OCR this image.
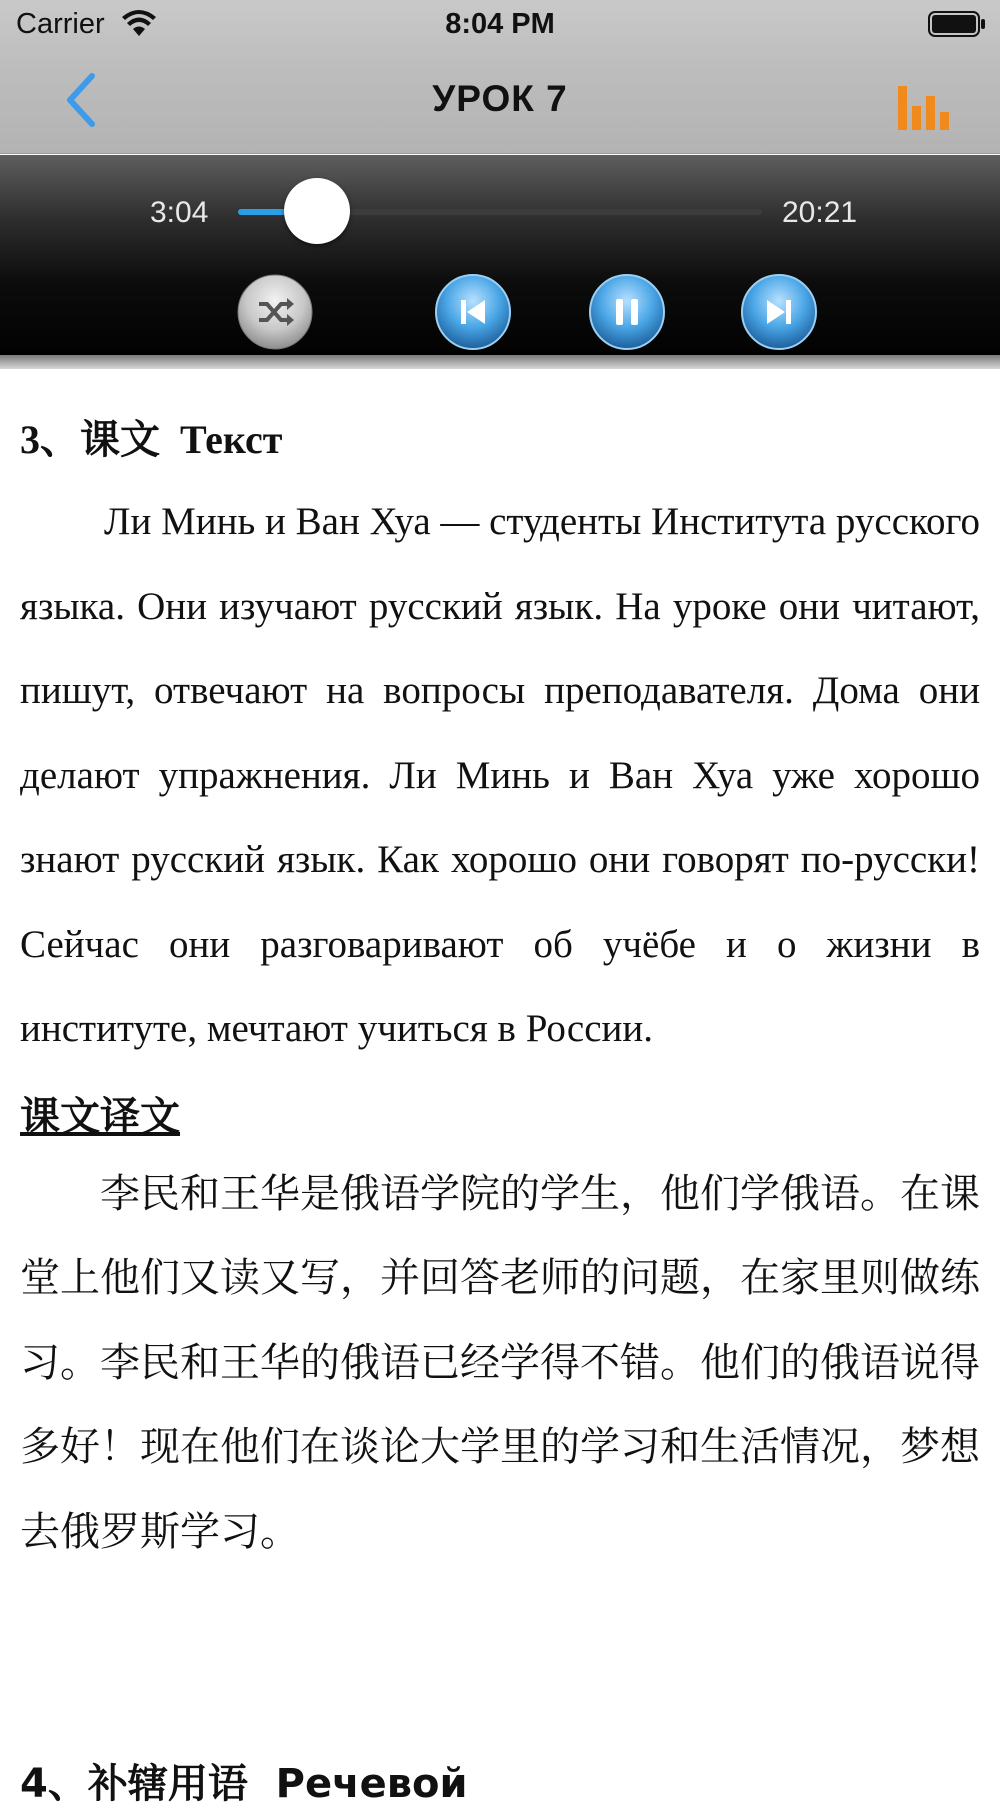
Carrier	8:04 PM
УРОК 7
3:04	20:21
3、课文  Текст

Ли Минь и Ван Хуа — студенты Института русского языка. Они изучают русский язык. На уроке они читают, пишут, отвечают на вопросы преподавателя. Дома они делают упражнения. Ли Минь и Ван Хуа уже хорошо знают русский язык. Как хорошо они говорят по-русски! Сейчас они разговаривают об учёбе и о жизни в институте, мечтают учиться в России.

课文译文

李民和王华是俄语学院的学生，他们学俄语。在课堂上他们又读又写，并回答老师的问题，在家里则做练习。李民和王华的俄语已经学得不错。他们的俄语说得多好！现在他们在谈论大学里的学习和生活情况，梦想去俄罗斯学习。

4、补辖用语  Речевой
